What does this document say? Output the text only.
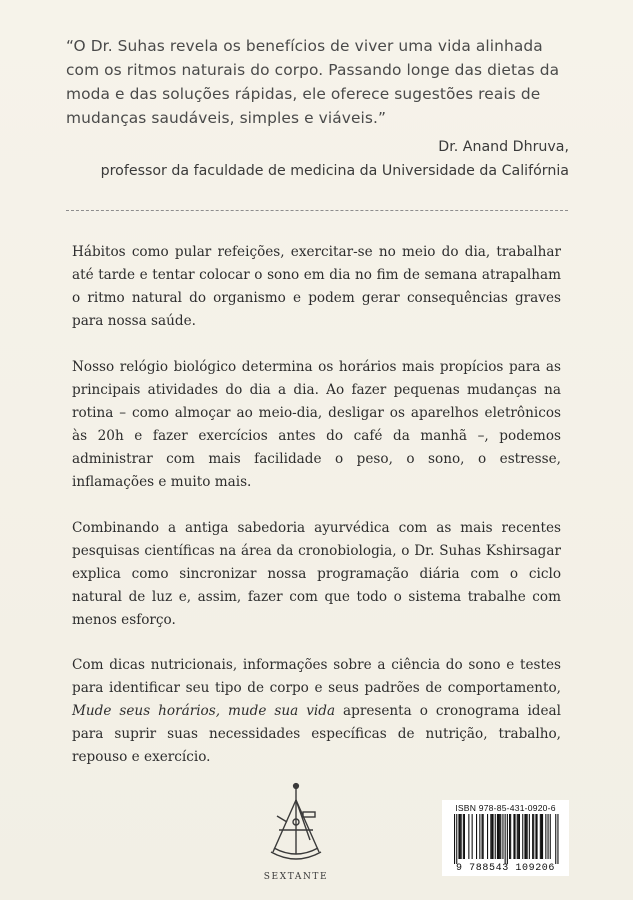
“O Dr. Suhas revela os benefícios de viver uma vida alinhada

com os ritmos naturais do corpo. Passando longe das dietas da

moda e das soluções rápidas, ele oferece sugestões reais de

mudanças saudáveis, simples e viáveis.”

Dr. Anand Dhruva,
professor da faculdade de medicina da Universidade da Califórnia

Hábitos como pular refeições, exercitar-se no meio do dia, trabalhar até tarde e tentar colocar o sono em dia no fim de semana atrapalham o ritmo natural do organismo e podem gerar consequências graves para nossa saúde.

Nosso relógio biológico determina os horários mais propícios para as principais atividades do dia a dia. Ao fazer pequenas mudanças na rotina – como almoçar ao meio-dia, desligar os aparelhos eletrônicos às 20h e fazer exercícios antes do café da manhã –, podemos administrar com mais facilidade o peso, o sono, o estresse, inflamações e muito mais.

Combinando a antiga sabedoria ayurvédica com as mais recentes pesquisas científicas na área da cronobiologia, o Dr. Suhas Kshirsagar explica como sincronizar nossa programação diária com o ciclo natural de luz e, assim, fazer com que todo o sistema trabalhe com menos esforço.

Com dicas nutricionais, informações sobre a ciência do sono e testes para identificar seu tipo de corpo e seus padrões de comportamento, Mude seus horários, mude sua vida apresenta o cronograma ideal para suprir suas necessidades específicas de nutrição, trabalho, repouso e exercício.

SEXTANTE
ISBN 978-85-431-0920-6
9 788543 109206
